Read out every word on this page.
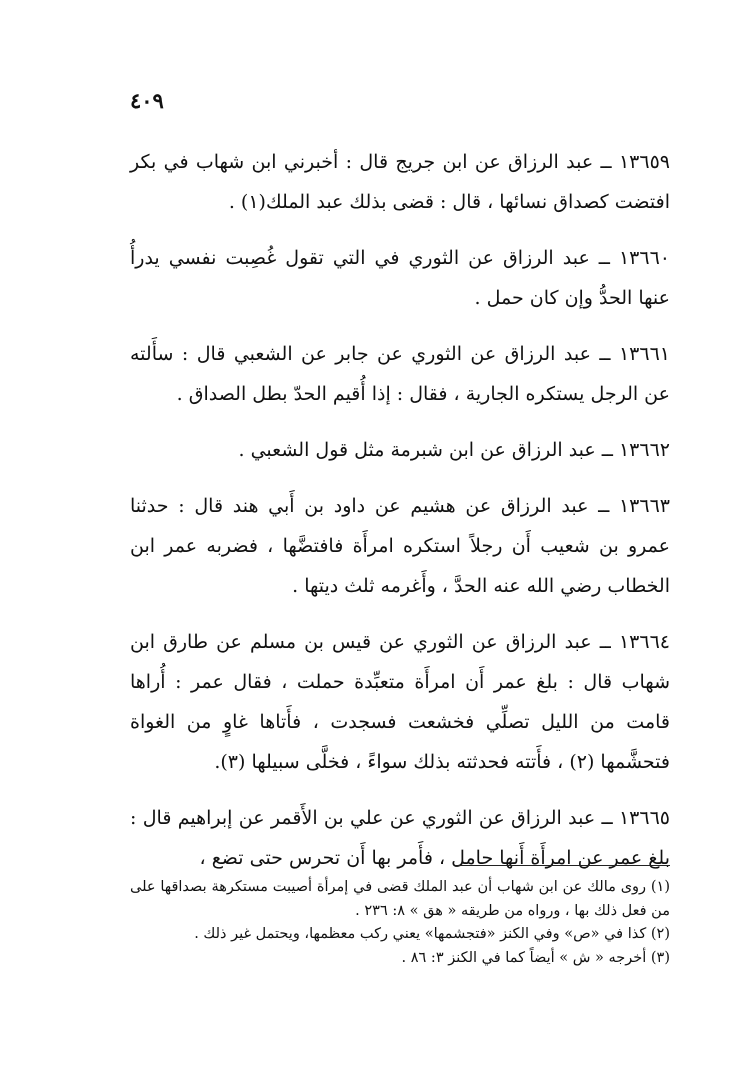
٤٠٩

١٣٦٥٩ ــ عبد الرزاق عن ابن جريج قال : أخبرني ابن شهاب في بكر افتضت كصداق نسائها ، قال : قضى بذلك عبد الملك(١) .

١٣٦٦٠ ــ عبد الرزاق عن الثوري في التي تقول غُصِبت نفسي يدرأُ عنها الحدُّ وإن كان حمل .

١٣٦٦١ ــ عبد الرزاق عن الثوري عن جابر عن الشعبي قال : سأَلته عن الرجل يستكره الجارية ، فقال : إذا أُقيم الحدّ بطل الصداق .

١٣٦٦٢ ــ عبد الرزاق عن ابن شبرمة مثل قول الشعبي .

١٣٦٦٣ ــ عبد الرزاق عن هشيم عن داود بن أَبي هند قال : حدثنا عمرو بن شعيب أَن رجلاً استكره امرأَة فافتضَّها ، فضربه عمر ابن الخطاب رضي الله عنه الحدَّ ، وأَغرمه ثلث ديتها .

١٣٦٦٤ ــ عبد الرزاق عن الثوري عن قيس بن مسلم عن طارق ابن شهاب قال : بلغ عمر أَن امرأَة متعبِّدة حملت ، فقال عمر : أُراها قامت من الليل تصلِّي فخشعت فسجدت ، فأَتاها غاوٍ من الغواة فتحشَّمها (٢) ، فأَتته فحدثته بذلك سواءً ، فخلَّى سبيلها (٣).

١٣٦٦٥ ــ عبد الرزاق عن الثوري عن علي بن الأَقمر عن إبراهيم قال : بلغ عمر عن امرأَة أَنها حامل ، فأَمر بها أَن تحرس حتى تضع ،

(١) روى مالك عن ابن شهاب أن عبد الملك قضى في إمرأة أصيبت مستكرهة بصداقها على من فعل ذلك بها ، ورواه من طريقه « هق » ٨: ٢٣٦ .

(٢) كذا في «ص» وفي الكنز «فتجشمها» يعني ركب معظمها، ويحتمل غير ذلك .

(٣) أخرجه « ش » أيضاً كما في الكنز ٣: ٨٦ .
